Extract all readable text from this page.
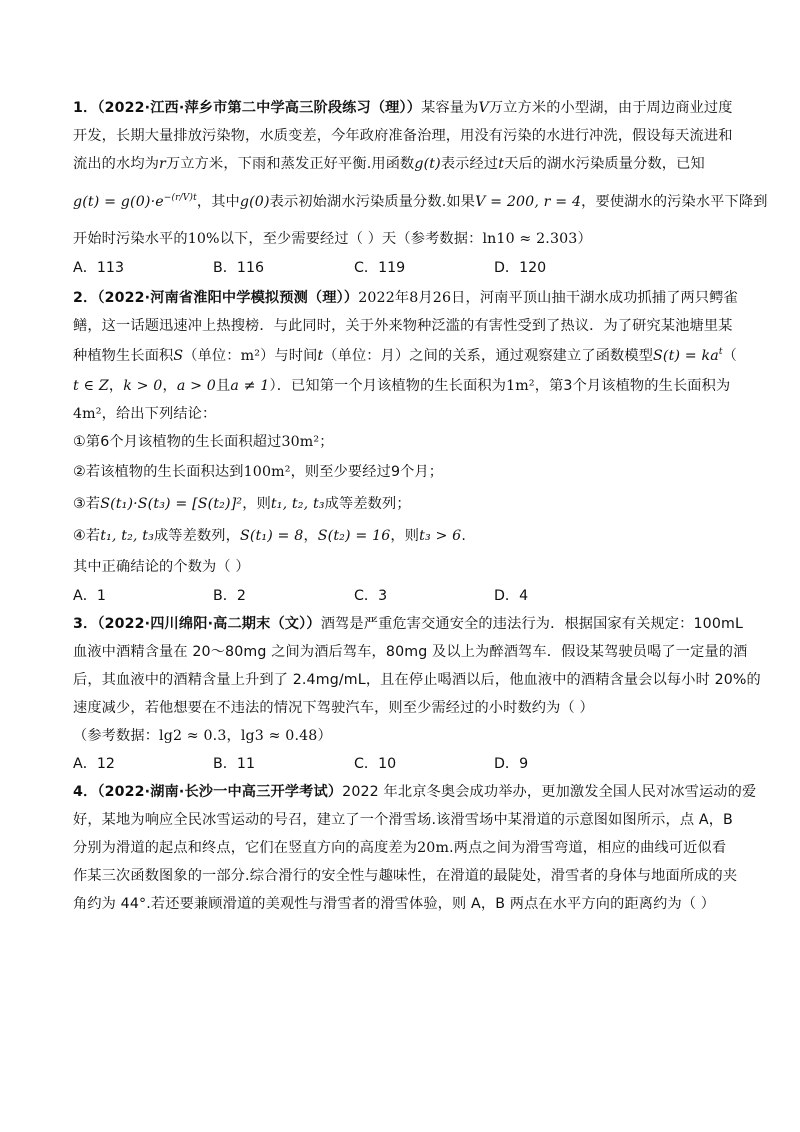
1．（2022·江西·萍乡市第二中学高三阶段练习（理））某容量为V万立方米的小型湖，由于周边商业过度
开发，长期大量排放污染物，水质变差，今年政府准备治理，用没有污染的水进行冲洗，假设每天流进和
流出的水均为r万立方米，下雨和蒸发正好平衡.用函数g(t)表示经过t天后的湖水污染质量分数，已知
$g(t) = g(0)\cdot e^{-(r/V)t}$，其中g(0)表示初始湖水污染质量分数.如果V = 200, r = 4，要使湖水的污染水平下降到
开始时污染水平的10%以下，至少需要经过（ ）天（参考数据：ln10 ≈ 2.303）
A．113	B．116	C．119	D．120
2．（2022·河南省淮阳中学模拟预测（理））2022年8月26日，河南平顶山抽干湖水成功抓捕了两只鳄雀
鳝，这一话题迅速冲上热搜榜．与此同时，关于外来物种泛滥的有害性受到了热议．为了研究某池塘里某
种植物生长面积S（单位：m²）与时间t（单位：月）之间的关系，通过观察建立了函数模型$S(t) = ka^t$（
t ∈ Z，k > 0，a > 0且a ≠ 1）．已知第一个月该植物的生长面积为1m²，第3个月该植物的生长面积为
4m²，给出下列结论：
①第6个月该植物的生长面积超过30m²；
②若该植物的生长面积达到100m²，则至少要经过9个月；
③若S(t₁)·S(t₃) = [S(t₂)]²，则t₁, t₂, t₃成等差数列；
④若t₁, t₂, t₃成等差数列，S(t₁) = 8，S(t₂) = 16，则t₃ > 6.
其中正确结论的个数为（ ）
A．1	B．2	C．3	D．4
3．（2022·四川绵阳·高二期末（文））酒驾是严重危害交通安全的违法行为．根据国家有关规定：100mL
血液中酒精含量在 20～80mg 之间为酒后驾车，80mg 及以上为醉酒驾车．假设某驾驶员喝了一定量的酒
后，其血液中的酒精含量上升到了 2.4mg/mL，且在停止喝酒以后，他血液中的酒精含量会以每小时 20%的
速度减少，若他想要在不违法的情况下驾驶汽车，则至少需经过的小时数约为（ ）
（参考数据：lg2 ≈ 0.3，lg3 ≈ 0.48）
A．12	B．11	C．10	D．9
4．（2022·湖南·长沙一中高三开学考试）2022 年北京冬奥会成功举办，更加激发全国人民对冰雪运动的爱
好，某地为响应全民冰雪运动的号召，建立了一个滑雪场.该滑雪场中某滑道的示意图如图所示，点 A，B
分别为滑道的起点和终点，它们在竖直方向的高度差为20m.两点之间为滑雪弯道，相应的曲线可近似看
作某三次函数图象的一部分.综合滑行的安全性与趣味性，在滑道的最陡处，滑雪者的身体与地面所成的夹
角约为 44°.若还要兼顾滑道的美观性与滑雪者的滑雪体验，则 A，B 两点在水平方向的距离约为（ ）
